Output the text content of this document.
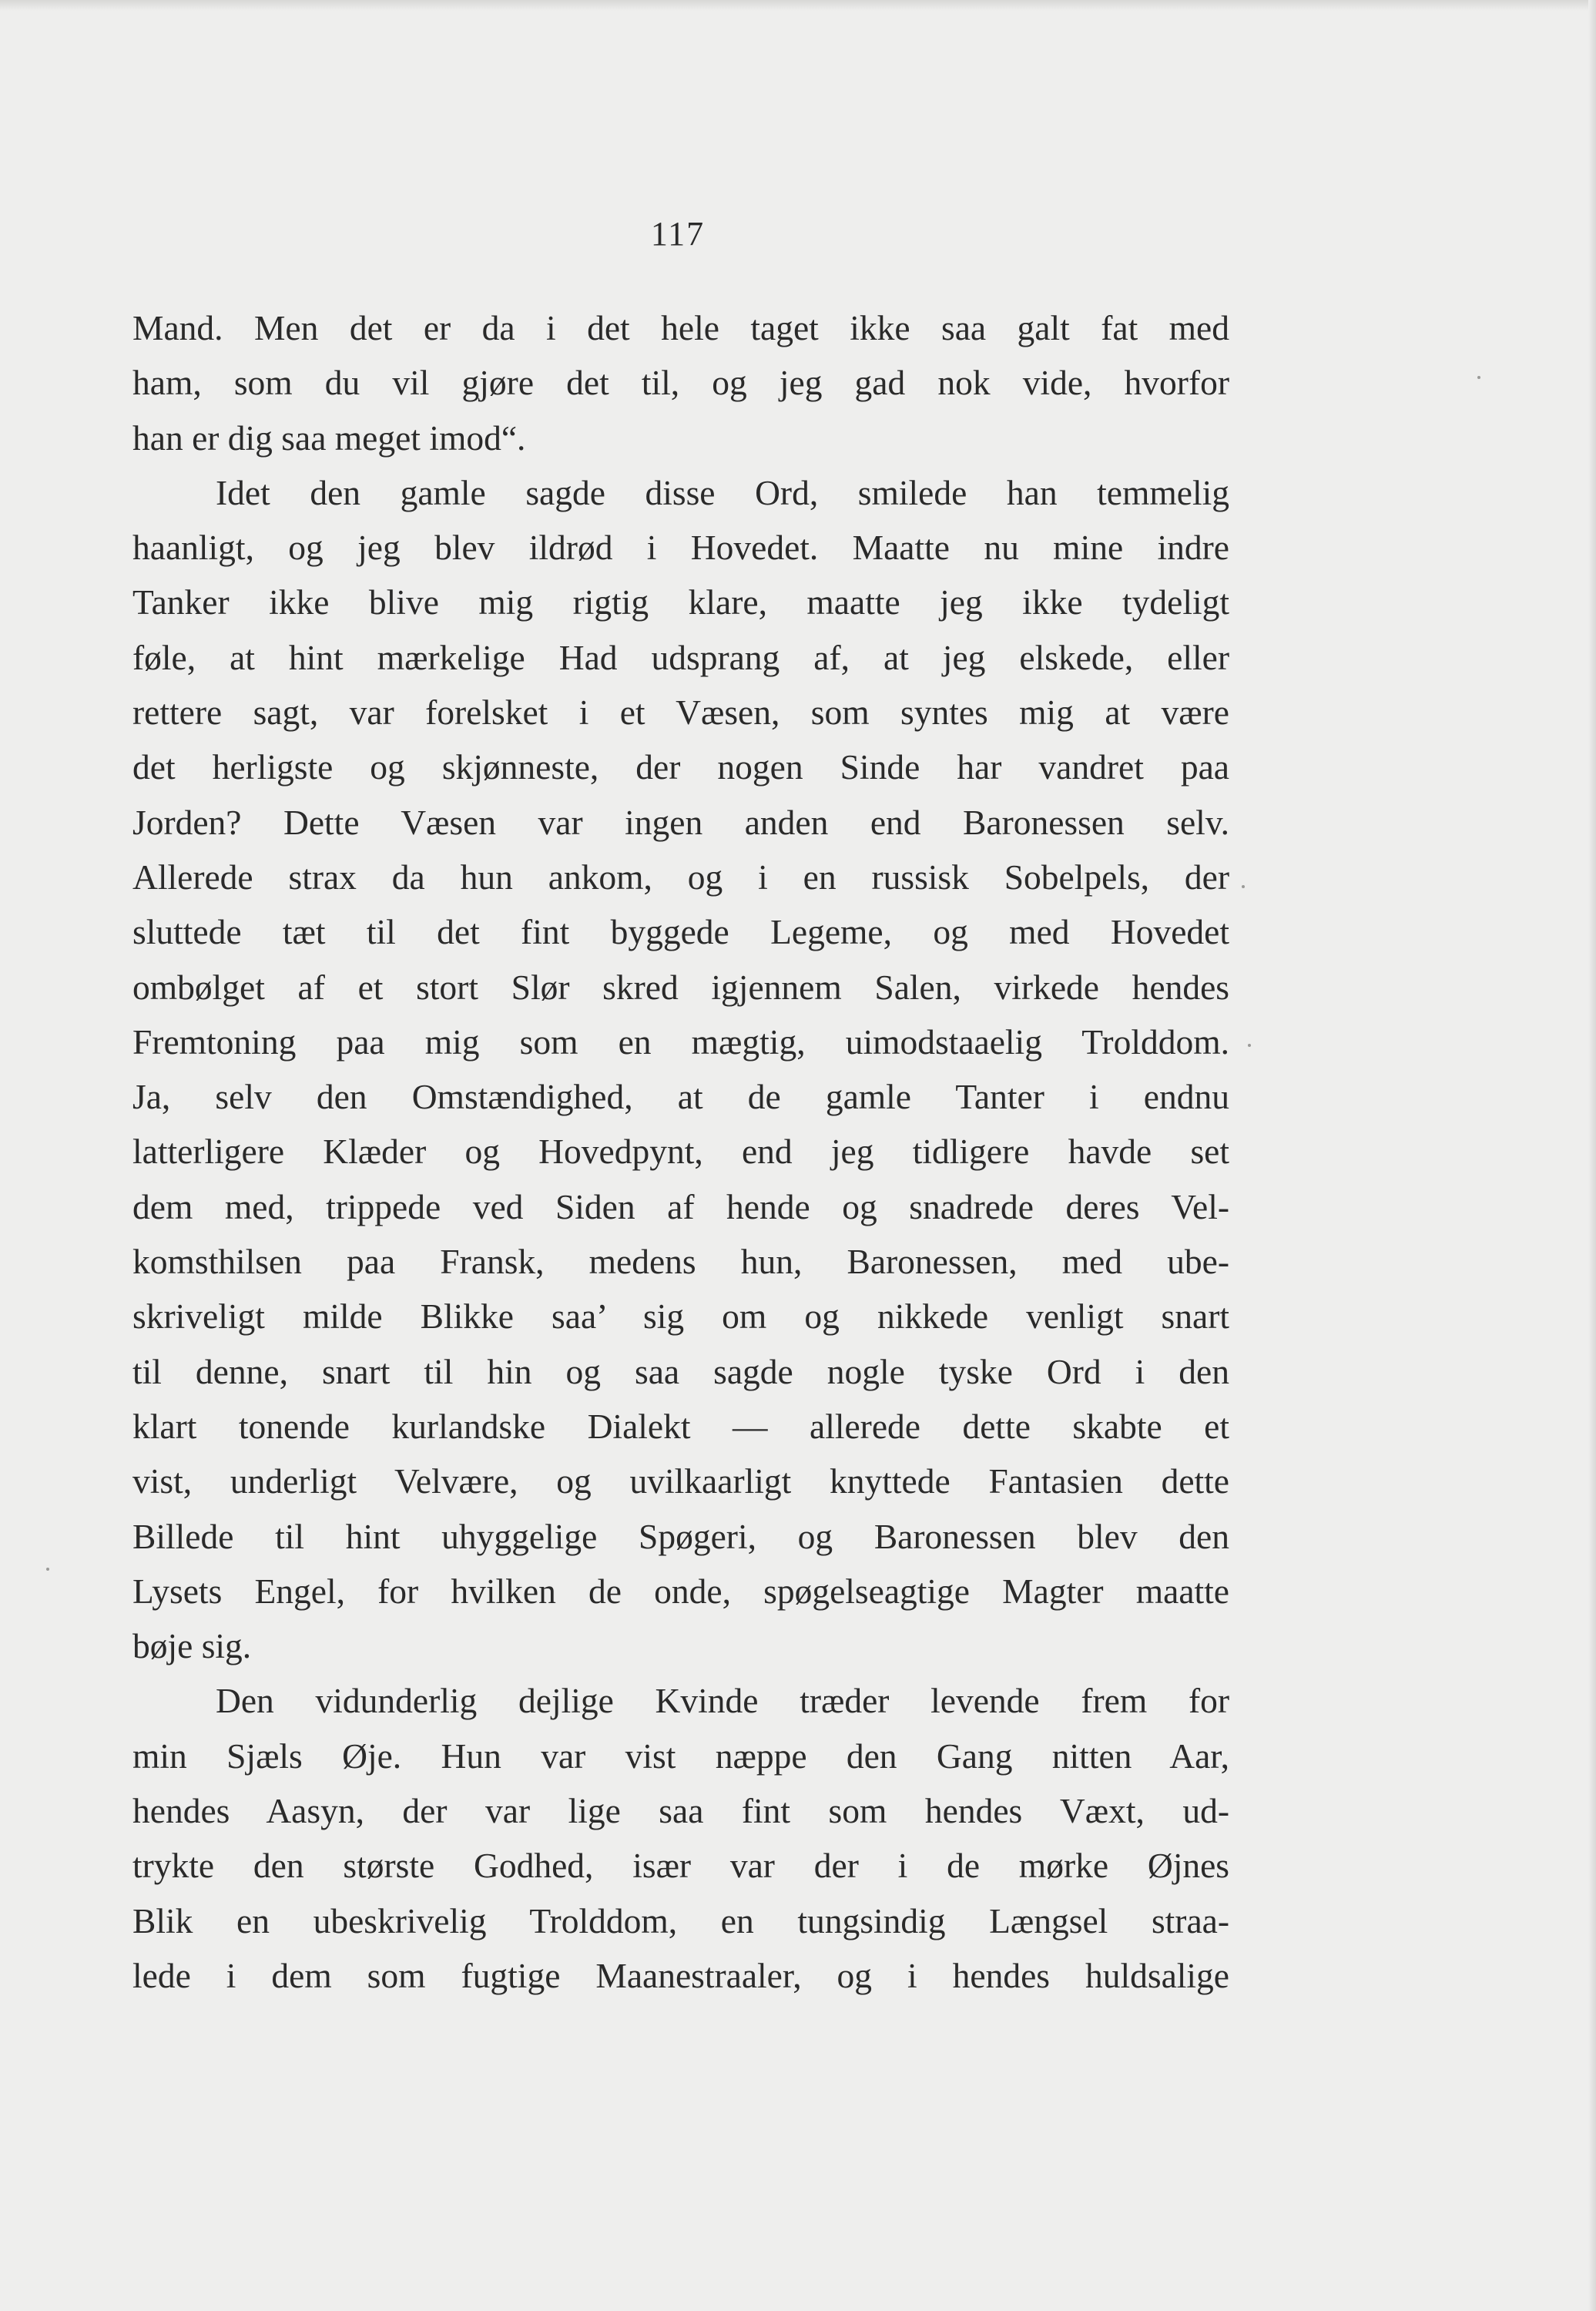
117
Mand. Men det er da i det hele taget ikke saa galt fat med
ham, som du vil gjøre det til, og jeg gad nok vide, hvorfor
han er dig saa meget imod“.
Idet den gamle sagde disse Ord, smilede han temmelig
haanligt, og jeg blev ildrød i Hovedet. Maatte nu mine indre
Tanker ikke blive mig rigtig klare, maatte jeg ikke tydeligt
føle, at hint mærkelige Had udsprang af, at jeg elskede, eller
rettere sagt, var forelsket i et Væsen, som syntes mig at være
det herligste og skjønneste, der nogen Sinde har vandret paa
Jorden? Dette Væsen var ingen anden end Baronessen selv.
Allerede strax da hun ankom, og i en russisk Sobelpels, der
sluttede tæt til det fint byggede Legeme, og med Hovedet
ombølget af et stort Slør skred igjennem Salen, virkede hendes
Fremtoning paa mig som en mægtig, uimodstaaelig Trolddom.
Ja, selv den Omstændighed, at de gamle Tanter i endnu
latterligere Klæder og Hovedpynt, end jeg tidligere havde set
dem med, trippede ved Siden af hende og snadrede deres Vel-
komsthilsen paa Fransk, medens hun, Baronessen, med ube-
skriveligt milde Blikke saa’ sig om og nikkede venligt snart
til denne, snart til hin og saa sagde nogle tyske Ord i den
klart tonende kurlandske Dialekt — allerede dette skabte et
vist, underligt Velvære, og uvilkaarligt knyttede Fantasien dette
Billede til hint uhyggelige Spøgeri, og Baronessen blev den
Lysets Engel, for hvilken de onde, spøgelseagtige Magter maatte
bøje sig.
Den vidunderlig dejlige Kvinde træder levende frem for
min Sjæls Øje. Hun var vist næppe den Gang nitten Aar,
hendes Aasyn, der var lige saa fint som hendes Væxt, ud-
trykte den største Godhed, især var der i de mørke Øjnes
Blik en ubeskrivelig Trolddom, en tungsindig Længsel straa-
lede i dem som fugtige Maanestraaler, og i hendes huldsalige
